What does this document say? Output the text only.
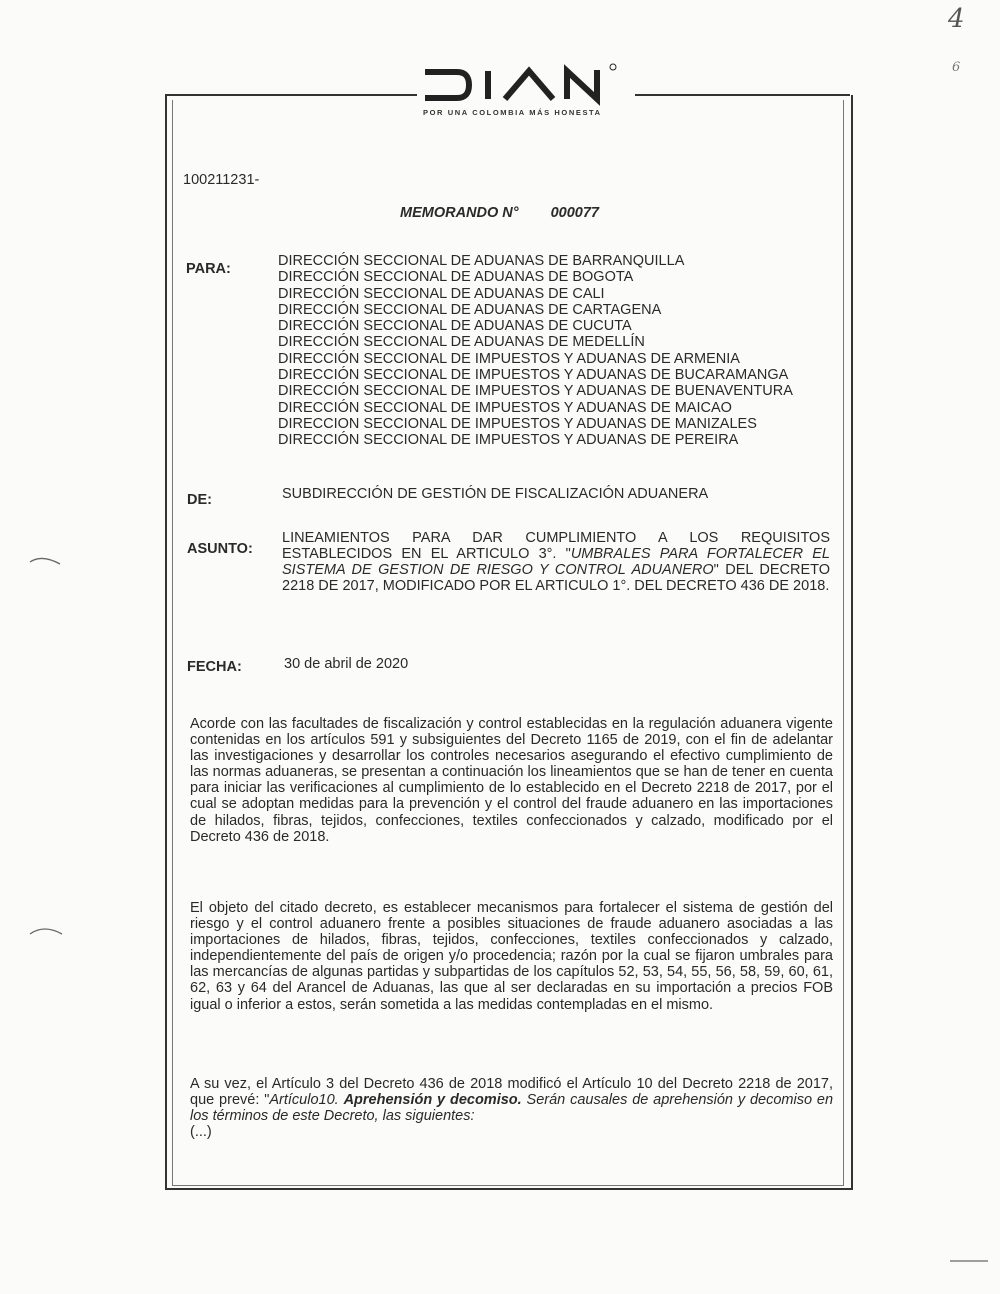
POR UNA COLOMBIA MÁS HONESTA
100211231-
MEMORANDO N° 000077
PARA:	DIRECCIÓN SECCIONAL DE ADUANAS DE BARRANQUILLA
DIRECCIÓN SECCIONAL DE ADUANAS DE BOGOTA
DIRECCIÓN SECCIONAL DE ADUANAS DE CALI
DIRECCIÓN SECCIONAL DE ADUANAS DE CARTAGENA
DIRECCIÓN SECCIONAL DE ADUANAS DE CUCUTA
DIRECCIÓN SECCIONAL DE ADUANAS DE MEDELLÍN
DIRECCIÓN SECCIONAL DE IMPUESTOS Y ADUANAS DE ARMENIA
DIRECCIÓN SECCIONAL DE IMPUESTOS Y ADUANAS DE BUCARAMANGA
DIRECCIÓN SECCIONAL DE IMPUESTOS Y ADUANAS DE BUENAVENTURA
DIRECCIÓN SECCIONAL DE IMPUESTOS Y ADUANAS DE MAICAO
DIRECCION SECCIONAL DE IMPUESTOS Y ADUANAS DE MANIZALES
DIRECCIÓN SECCIONAL DE IMPUESTOS Y ADUANAS DE PEREIRA
DE:	SUBDIRECCIÓN DE GESTIÓN DE FISCALIZACIÓN ADUANERA
ASUNTO:
LINEAMIENTOS PARA DAR CUMPLIMIENTO A LOS REQUISITOS ESTABLECIDOS EN EL ARTICULO 3°. "UMBRALES PARA FORTALECER EL SISTEMA DE GESTION DE RIESGO Y CONTROL ADUANERO" DEL DECRETO 2218 DE 2017, MODIFICADO POR EL ARTICULO 1°. DEL DECRETO 436 DE 2018.
FECHA:	30 de abril de 2020
Acorde con las facultades de fiscalización y control establecidas en la regulación aduanera vigente contenidas en los artículos 591 y subsiguientes del Decreto 1165 de 2019, con el fin de adelantar las investigaciones y desarrollar los controles necesarios asegurando el efectivo cumplimiento de las normas aduaneras, se presentan a continuación los lineamientos que se han de tener en cuenta para iniciar las verificaciones al cumplimiento de lo establecido en el Decreto 2218 de 2017, por el cual se adoptan medidas para la prevención y el control del fraude aduanero en las importaciones de hilados, fibras, tejidos, confecciones, textiles confeccionados y calzado, modificado por el Decreto 436 de 2018.
El objeto del citado decreto, es establecer mecanismos para fortalecer el sistema de gestión del riesgo y el control aduanero frente a posibles situaciones de fraude aduanero asociadas a las importaciones de hilados, fibras, tejidos, confecciones, textiles confeccionados y calzado, independientemente del país de origen y/o procedencia; razón por la cual se fijaron umbrales para las mercancías de algunas partidas y subpartidas de los capítulos 52, 53, 54, 55, 56, 58, 59, 60, 61, 62, 63 y 64 del Arancel de Aduanas, las que al ser declaradas en su importación a precios FOB igual o inferior a estos, serán sometida a las medidas contempladas en el mismo.
A su vez, el Artículo 3 del Decreto 436 de 2018 modificó el Artículo 10 del Decreto 2218 de 2017, que prevé: "Artículo10. Aprehensión y decomiso. Serán causales de aprehensión y decomiso en los términos de este Decreto, las siguientes:
(...)
4
6
